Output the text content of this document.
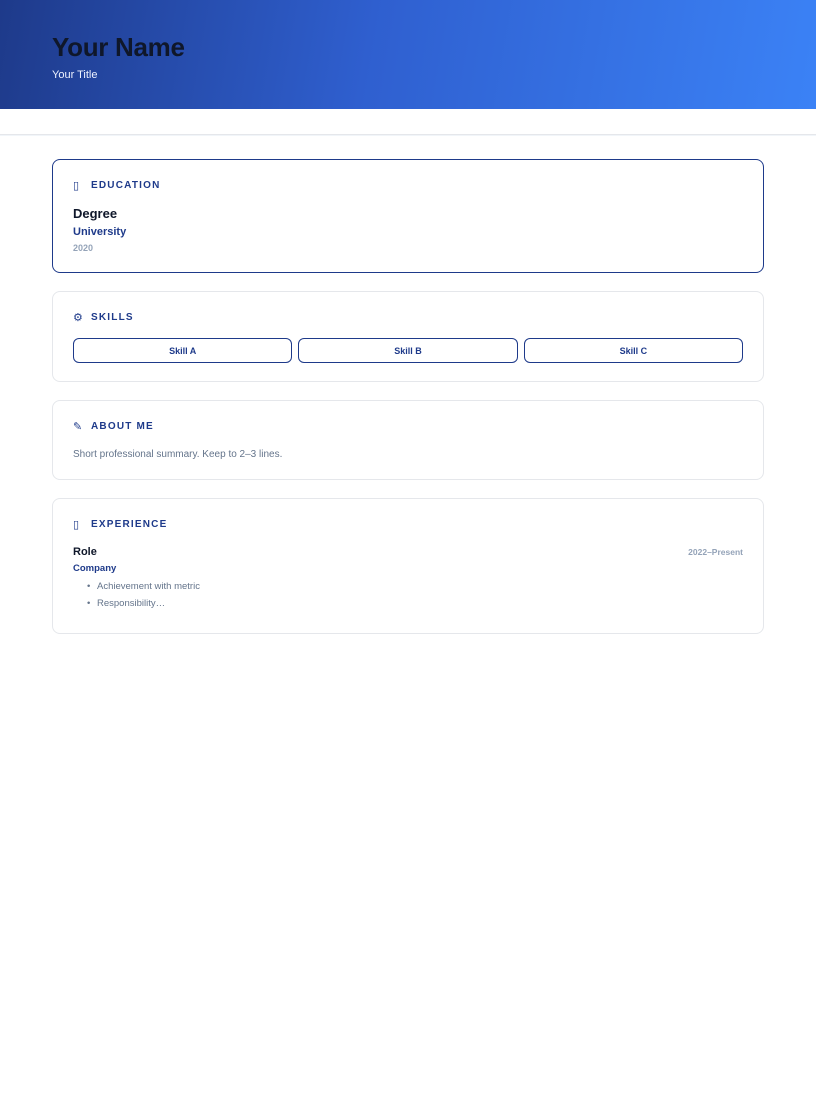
Your Name
Your Title
▯	EDUCATION
Degree
University
2020
⚙ SKILLS
Skill A	Skill B	Skill C
✎ ABOUT ME
Short professional summary. Keep to 2–3 lines.
▯	EXPERIENCE
Role	2022–Present
Company
• Achievement with metric
• Responsibility…
